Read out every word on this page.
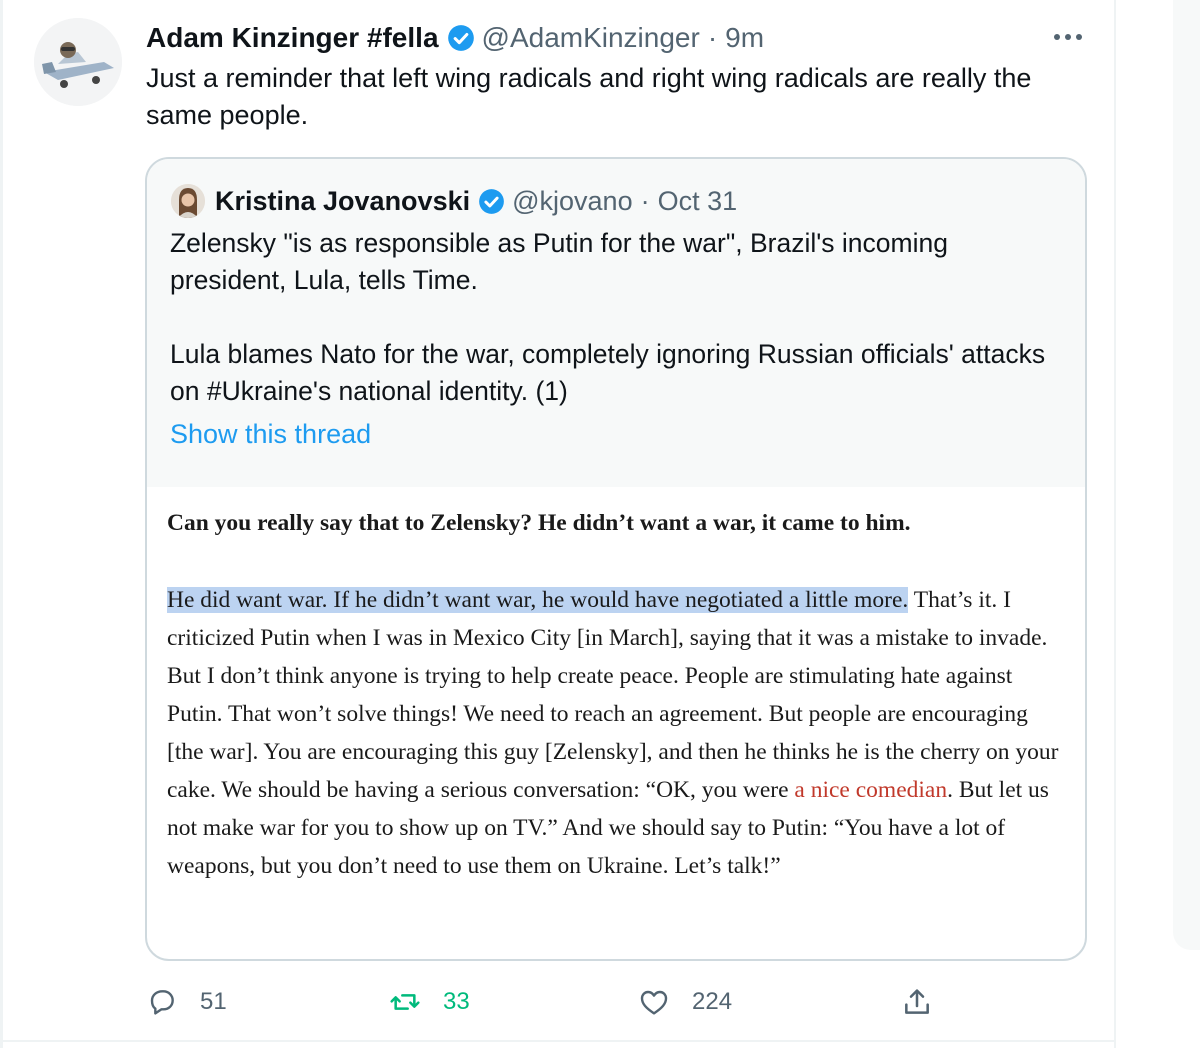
Adam Kinzinger #fella @AdamKinzinger · 9m

Just a reminder that left wing radicals and right wing radicals are really the same people.

Kristina Jovanovski @kjovano · Oct 31
Zelensky "is as responsible as Putin for the war", Brazil's incoming president, Lula, tells Time.
Lula blames Nato for the war, completely ignoring Russian officials' attacks on #Ukraine's national identity. (1)
Show this thread

Can you really say that to Zelensky? He didn’t want a war, it came to him.

He did want war. If he didn’t want war, he would have negotiated a little more. That’s it. I criticized Putin when I was in Mexico City [in March], saying that it was a mistake to invade. But I don’t think anyone is trying to help create peace. People are stimulating hate against Putin. That won’t solve things! We need to reach an agreement. But people are encouraging [the war]. You are encouraging this guy [Zelensky], and then he thinks he is the cherry on your cake. We should be having a serious conversation: “OK, you were a nice comedian. But let us not make war for you to show up on TV.” And we should say to Putin: “You have a lot of weapons, but you don’t need to use them on Ukraine. Let’s talk!”

51	33	224
